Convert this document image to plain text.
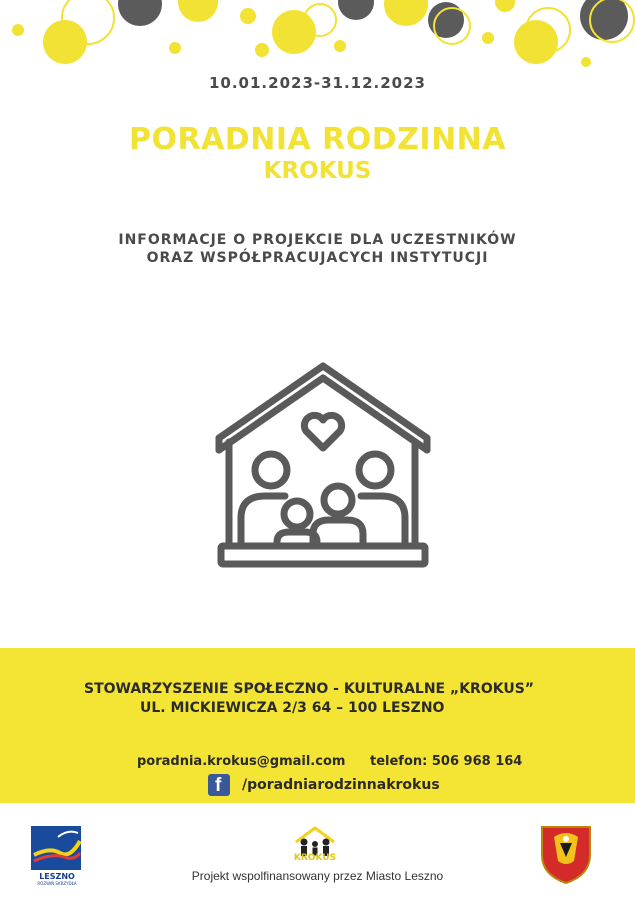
10.01.2023-31.12.2023
PORADNIA RODZINNA
KROKUS
INFORMACJE O PROJEKCIE DLA UCZESTNIKÓW
ORAZ WSPÓŁPRACUJACYCH INSTYTUCJI
STOWARZYSZENIE SPOŁECZNO - KULTURALNE „KROKUS”
UL. MICKIEWICZA 2/3 64 – 100 LESZNO
poradnia.krokus@gmail.com telefon: 506 968 164
f /poradniarodzinnakrokus
LESZNO
ROZWIŃ SKRZYDŁA
KROKUS
Projekt wspolfinansowany przez Miasto Leszno
